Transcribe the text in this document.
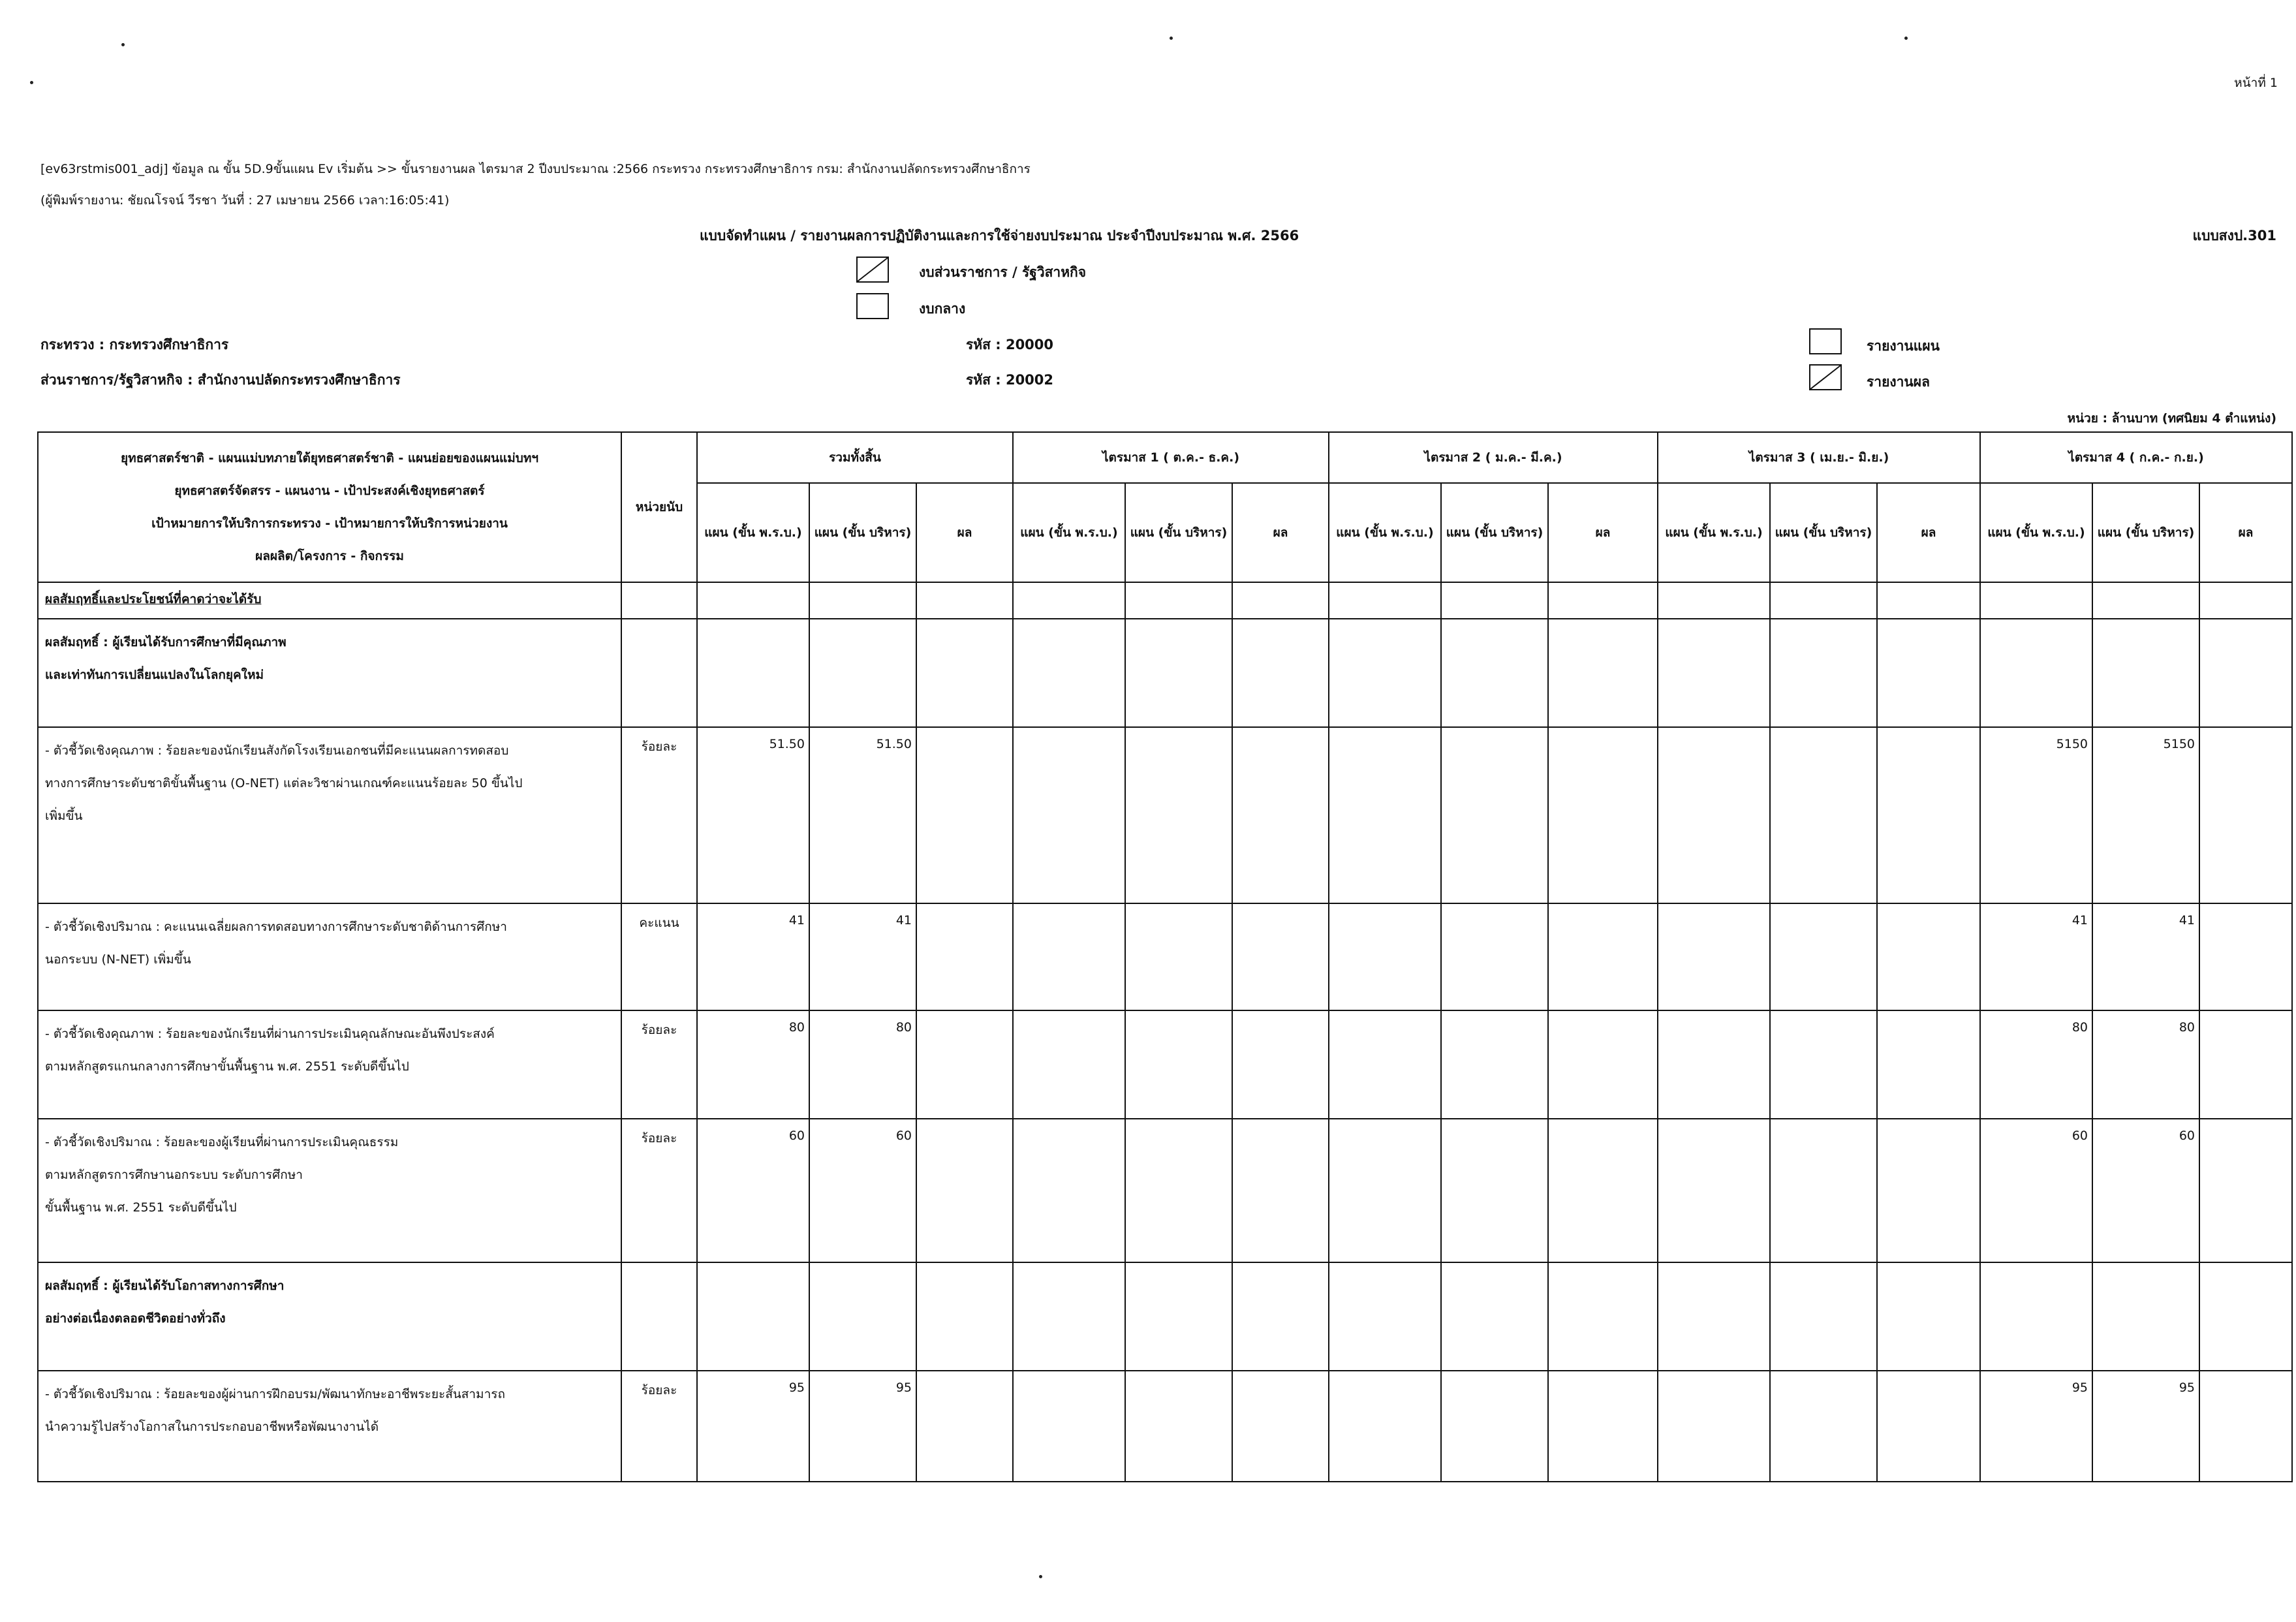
หน้าที่ 1
[ev63rstmis001_adj] ข้อมูล ณ ขั้น 5D.9ขั้นแผน Ev เริ่มต้น >> ขั้นรายงานผล ไตรมาส 2 ปีงบประมาณ :2566 กระทรวง กระทรวงศึกษาธิการ กรม: สำนักงานปลัดกระทรวงศึกษาธิการ
(ผู้พิมพ์รายงาน: ชัยณโรจน์ วีรชา วันที่ : 27 เมษายน 2566 เวลา:16:05:41)
แบบจัดทำแผน / รายงานผลการปฏิบัติงานและการใช้จ่ายงบประมาณ ประจำปีงบประมาณ พ.ศ. 2566	แบบสงป.301
งบส่วนราชการ / รัฐวิสาหกิจ
งบกลาง
กระทรวง : กระทรวงศึกษาธิการ	รหัส : 20000
ส่วนราชการ/รัฐวิสาหกิจ : สำนักงานปลัดกระทรวงศึกษาธิการ	รหัส : 20002
รายงานแผน
รายงานผล
หน่วย : ล้านบาท (ทศนิยม 4 ตำแหน่ง)
ยุทธศาสตร์ชาติ - แผนแม่บทภายใต้ยุทธศาสตร์ชาติ - แผนย่อยของแผนแม่บทฯ
ยุทธศาสตร์จัดสรร - แผนงาน - เป้าประสงค์เชิงยุทธศาสตร์
เป้าหมายการให้บริการกระทรวง - เป้าหมายการให้บริการหน่วยงาน
ผลผลิต/โครงการ - กิจกรรม	หน่วยนับ	รวมทั้งสิ้น			ไตรมาส 1 ( ต.ค.- ธ.ค.)			ไตรมาส 2 ( ม.ค.- มี.ค.)			ไตรมาส 3 ( เม.ย.- มิ.ย.)			ไตรมาส 4 ( ก.ค.- ก.ย.)		
		แผน (ขั้น พ.ร.บ.)	แผน (ขั้น บริหาร)	ผล	แผน (ขั้น พ.ร.บ.)	แผน (ขั้น บริหาร)	ผล	แผน (ขั้น พ.ร.บ.)	แผน (ขั้น บริหาร)	ผล	แผน (ขั้น พ.ร.บ.)	แผน (ขั้น บริหาร)	ผล	แผน (ขั้น พ.ร.บ.)	แผน (ขั้น บริหาร)	ผล
ผลสัมฤทธิ์และประโยชน์ที่คาดว่าจะได้รับ																

ผลสัมฤทธิ์ : ผู้เรียนได้รับการศึกษาที่มีคุณภาพ
และเท่าทันการเปลี่ยนแปลงในโลกยุคใหม่																

- ตัวชี้วัดเชิงคุณภาพ : ร้อยละของนักเรียนสังกัดโรงเรียนเอกชนที่มีคะแนนผลการทดสอบ
ทางการศึกษาระดับชาติขั้นพื้นฐาน (O-NET) แต่ละวิชาผ่านเกณฑ์คะแนนร้อยละ 50 ขึ้นไป
เพิ่มขึ้น	ร้อยละ	51.50	51.50											5150	5150	

- ตัวชี้วัดเชิงปริมาณ : คะแนนเฉลี่ยผลการทดสอบทางการศึกษาระดับชาติด้านการศึกษา
นอกระบบ (N-NET) เพิ่มขึ้น	คะแนน	41	41											41	41	

- ตัวชี้วัดเชิงคุณภาพ : ร้อยละของนักเรียนที่ผ่านการประเมินคุณลักษณะอันพึงประสงค์
ตามหลักสูตรแกนกลางการศึกษาขั้นพื้นฐาน พ.ศ. 2551 ระดับดีขึ้นไป	ร้อยละ	80	80											80	80	

- ตัวชี้วัดเชิงปริมาณ : ร้อยละของผู้เรียนที่ผ่านการประเมินคุณธรรม
ตามหลักสูตรการศึกษานอกระบบ ระดับการศึกษา
ขั้นพื้นฐาน พ.ศ. 2551 ระดับดีขึ้นไป	ร้อยละ	60	60											60	60	

ผลสัมฤทธิ์ : ผู้เรียนได้รับโอกาสทางการศึกษา
อย่างต่อเนื่องตลอดชีวิตอย่างทั่วถึง																

- ตัวชี้วัดเชิงปริมาณ : ร้อยละของผู้ผ่านการฝึกอบรม/พัฒนาทักษะอาชีพระยะสั้นสามารถ
นำความรู้ไปสร้างโอกาสในการประกอบอาชีพหรือพัฒนางานได้	ร้อยละ	95	95											95	95	
